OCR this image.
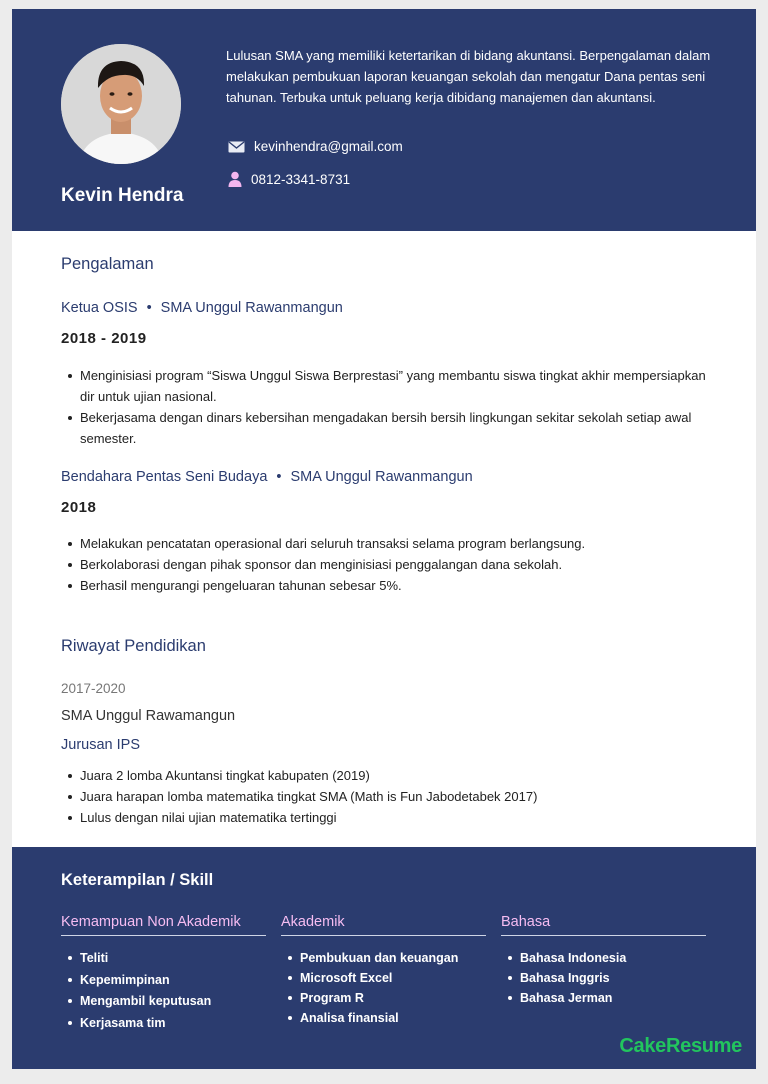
Kevin Hendra
Lulusan SMA yang memiliki ketertarikan di bidang akuntansi. Berpengalaman dalam melakukan pembukuan laporan keuangan sekolah dan mengatur Dana pentas seni tahunan. Terbuka untuk peluang kerja dibidang manajemen dan akuntansi.
kevinhendra@gmail.com
0812-3341-8731
Pengalaman
Ketua OSIS • SMA Unggul Rawanmangun
2018 - 2019
Menginisiasi program “Siswa Unggul Siswa Berprestasi” yang membantu siswa tingkat akhir mempersiapkan dir untuk ujian nasional.
Bekerjasama dengan dinars kebersihan mengadakan bersih bersih lingkungan sekitar sekolah setiap awal semester.
Bendahara Pentas Seni Budaya • SMA Unggul Rawanmangun
2018
Melakukan pencatatan operasional dari seluruh transaksi selama program berlangsung.
Berkolaborasi dengan pihak sponsor dan menginisiasi penggalangan dana sekolah.
Berhasil mengurangi pengeluaran tahunan sebesar 5%.
Riwayat Pendidikan
2017-2020
SMA Unggul Rawamangun
Jurusan IPS
Juara 2 lomba Akuntansi tingkat kabupaten (2019)
Juara harapan lomba matematika tingkat SMA (Math is Fun Jabodetabek 2017)
Lulus dengan nilai ujian matematika tertinggi
Keterampilan / Skill
Kemampuan Non Akademik
Teliti
Kepemimpinan
Mengambil keputusan
Kerjasama tim
Akademik
Pembukuan dan keuangan
Microsoft Excel
Program R
Analisa finansial
Bahasa
Bahasa Indonesia
Bahasa Inggris
Bahasa Jerman
CakeResume
